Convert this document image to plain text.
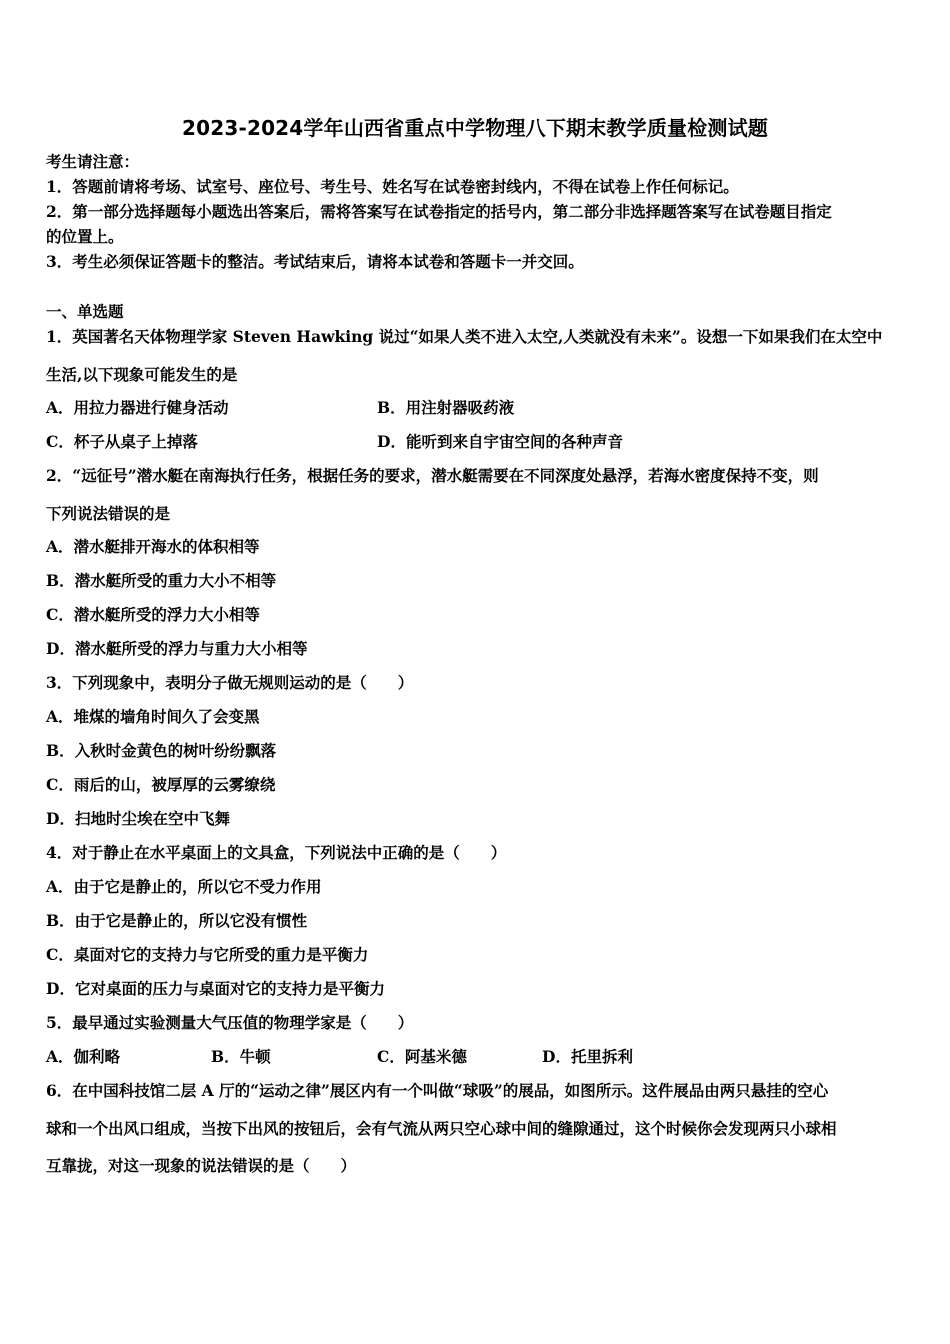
2023-2024学年山西省重点中学物理八下期末教学质量检测试题
考生请注意：
1．答题前请将考场、试室号、座位号、考生号、姓名写在试卷密封线内，不得在试卷上作任何标记。
2．第一部分选择题每小题选出答案后，需将答案写在试卷指定的括号内，第二部分非选择题答案写在试卷题目指定
的位置上。
3．考生必须保证答题卡的整洁。考试结束后，请将本试卷和答题卡一并交回。
一、单选题
1．英国著名天体物理学家 Steven Hawking 说过“如果人类不进入太空,人类就没有未来”。设想一下如果我们在太空中
生活,以下现象可能发生的是
A．用拉力器进行健身活动	B．用注射器吸药液
C．杯子从桌子上掉落	D．能听到来自宇宙空间的各种声音
2．“远征号”潜水艇在南海执行任务，根据任务的要求，潜水艇需要在不同深度处悬浮，若海水密度保持不变，则
下列说法错误的是
A．潜水艇排开海水的体积相等
B．潜水艇所受的重力大小不相等
C．潜水艇所受的浮力大小相等
D．潜水艇所受的浮力与重力大小相等
3．下列现象中，表明分子做无规则运动的是（　　）
A．堆煤的墙角时间久了会变黑
B．入秋时金黄色的树叶纷纷飘落
C．雨后的山，被厚厚的云雾缭绕
D．扫地时尘埃在空中飞舞
4．对于静止在水平桌面上的文具盒，下列说法中正确的是（　　）
A．由于它是静止的，所以它不受力作用
B．由于它是静止的，所以它没有惯性
C．桌面对它的支持力与它所受的重力是平衡力
D．它对桌面的压力与桌面对它的支持力是平衡力
5．最早通过实验测量大气压值的物理学家是（　　）
A．伽利略	B．牛顿	C．阿基米德	D．托里拆利
6．在中国科技馆二层 A 厅的“运动之律”展区内有一个叫做“球吸”的展品，如图所示。这件展品由两只悬挂的空心
球和一个出风口组成，当按下出风的按钮后，会有气流从两只空心球中间的缝隙通过，这个时候你会发现两只小球相
互靠拢，对这一现象的说法错误的是（　　）
